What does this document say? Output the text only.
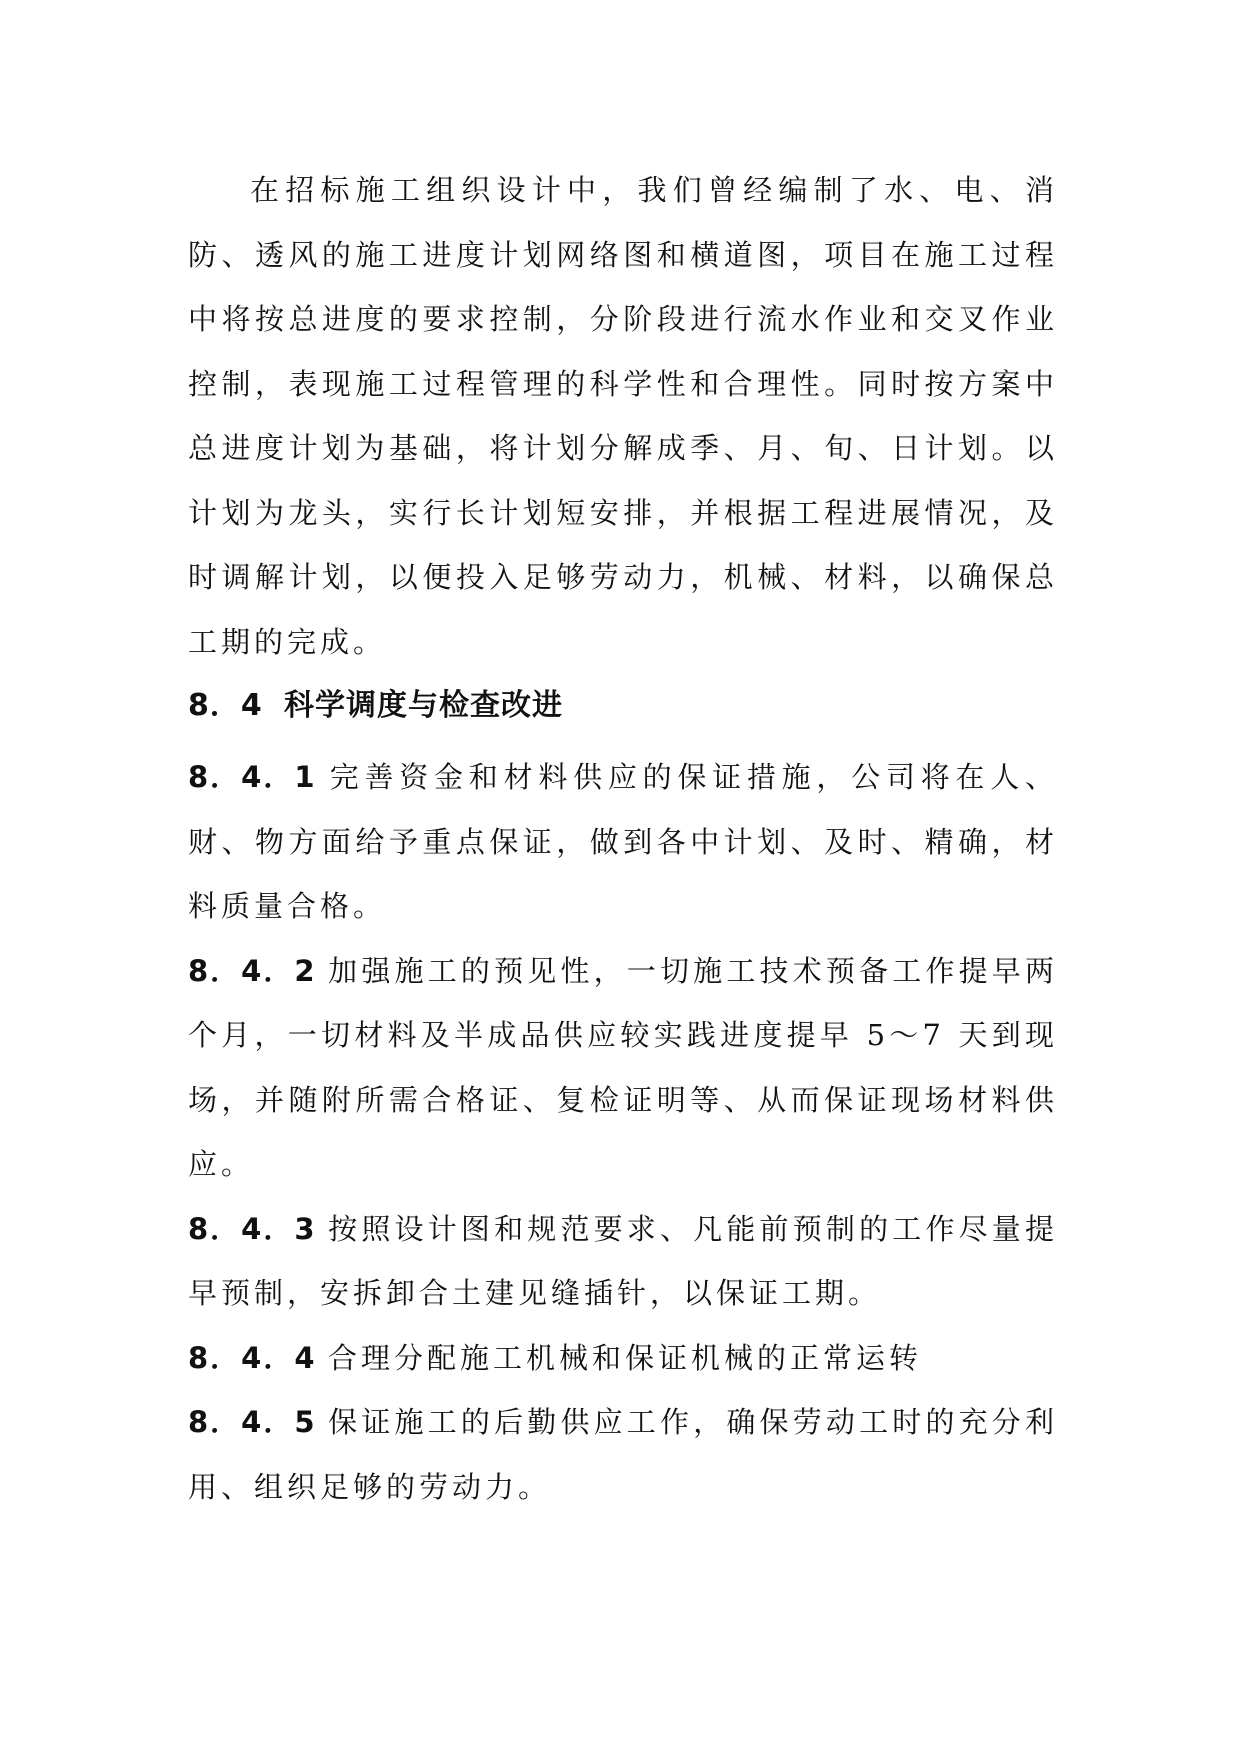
在招标施工组织设计中，我们曾经编制了水、电、消防、透风的施工进度计划网络图和横道图，项目在施工过程中将按总进度的要求控制，分阶段进行流水作业和交叉作业控制，表现施工过程管理的科学性和合理性。同时按方案中总进度计划为基础，将计划分解成季、月、旬、日计划。以计划为龙头，实行长计划短安排，并根据工程进展情况，及时调解计划，以便投入足够劳动力，机械、材料，以确保总工期的完成。

8．4 科学调度与检查改进

8．4．1 完善资金和材料供应的保证措施，公司将在人、财、物方面给予重点保证，做到各中计划、及时、精确，材料质量合格。

8．4．2 加强施工的预见性，一切施工技术预备工作提早两个月，一切材料及半成品供应较实践进度提早 5～7 天到现场，并随附所需合格证、复检证明等、从而保证现场材料供应。

8．4．3 按照设计图和规范要求、凡能前预制的工作尽量提早预制，安拆卸合土建见缝插针，以保证工期。

8．4．4 合理分配施工机械和保证机械的正常运转

8．4．5 保证施工的后勤供应工作，确保劳动工时的充分利用、组织足够的劳动力。
